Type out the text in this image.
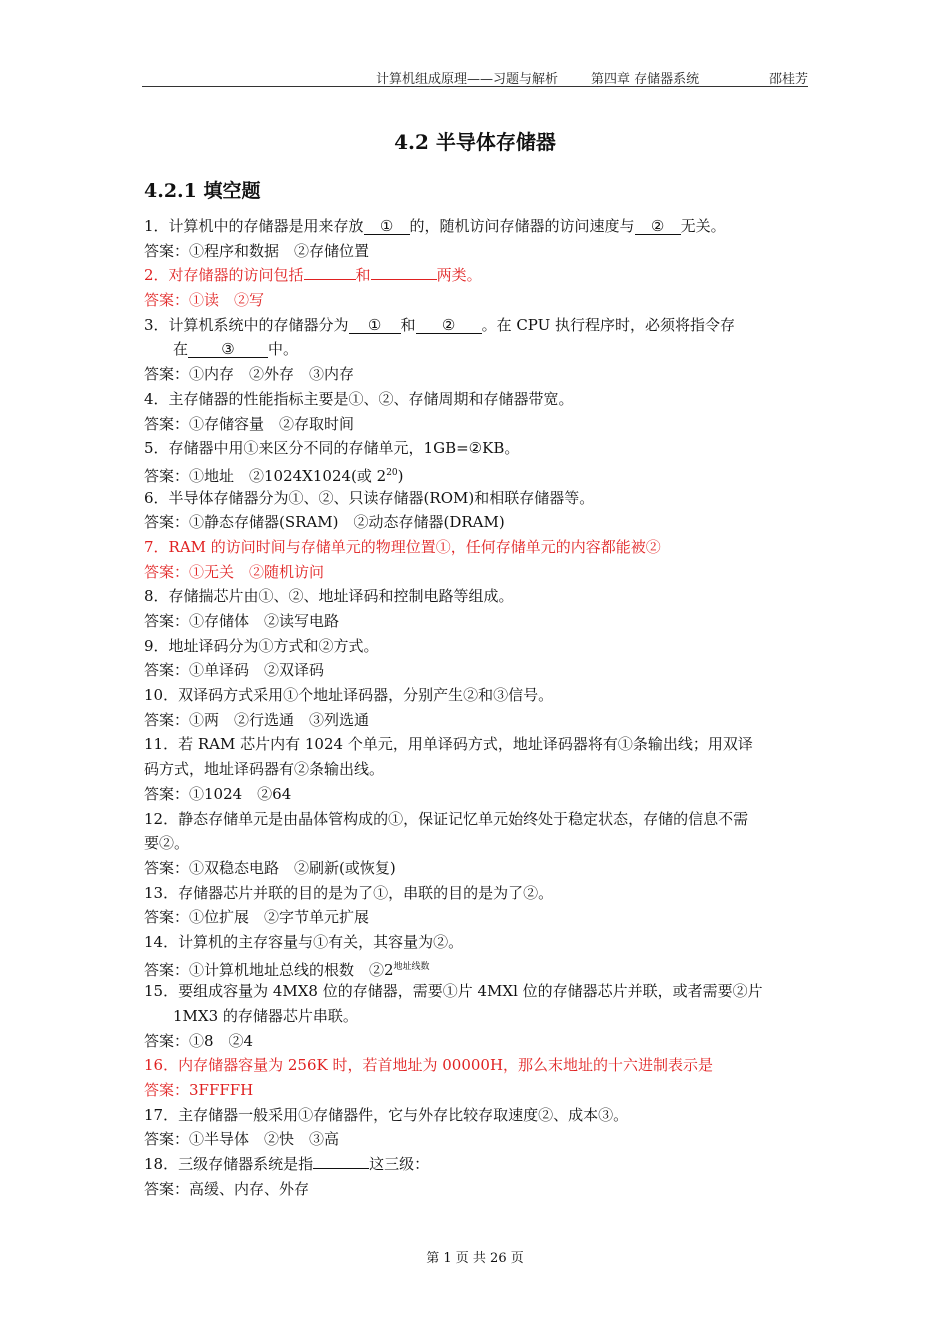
计算机组成原理——习题与解析	第四章 存储器系统	邵桂芳
4.2 半导体存储器
4.2.1 填空题
1．计算机中的存储器是用来存放 ① 的，随机访问存储器的访问速度与 ② 无关。
答案：①程序和数据　②存储位置
2．对存储器的访问包括	和	两类。
答案：①读　②写
3．计算机系统中的存储器分为 ① 和 ② 。在 CPU 执行程序时，必须将指令存
在 ③ 中。
答案：①内存　②外存　③内存
4．主存储器的性能指标主要是①、②、存储周期和存储器带宽。
答案：①存储容量　②存取时间
5．存储器中用①来区分不同的存储单元，1GB=②KB。
答案：①地址　②1024X1024(或 $2^{20}$)
6．半导体存储器分为①、②、只读存储器(ROM)和相联存储器等。
答案：①静态存储器(SRAM)　②动态存储器(DRAM)
7．RAM 的访问时间与存储单元的物理位置①，任何存储单元的内容都能被②
答案：①无关　②随机访问
8．存储揣芯片由①、②、地址译码和控制电路等组成。
答案：①存储体　②读写电路
9．地址译码分为①方式和②方式。
答案：①单译码　②双译码
10．双译码方式采用①个地址译码器，分别产生②和③信号。
答案：①两　②行选通　③列选通
11．若 RAM 芯片内有 1024 个单元，用单译码方式，地址译码器将有①条输出线；用双译
码方式，地址译码器有②条输出线。
答案：①1024　②64
12．静态存储单元是由晶体管构成的①，保证记忆单元始终处于稳定状态，存储的信息不需
要②。
答案：①双稳态电路　②刷新(或恢复)
13．存储器芯片并联的目的是为了①，串联的目的是为了②。
答案：①位扩展　②字节单元扩展
14．计算机的主存容量与①有关，其容量为②。
答案：①计算机地址总线的根数　$②2^{地址线数}$
15．要组成容量为 4MX8 位的存储器，需要①片 4MXl 位的存储器芯片并联，或者需要②片
1MX3 的存储器芯片串联。
答案：①8　②4
16．内存储器容量为 256K 时，若首地址为 00000H，那么末地址的十六进制表示是
答案：3FFFFH
17．主存储器一般采用①存储器件，它与外存比较存取速度②、成本③。
答案：①半导体　②快　③高
18．三级存储器系统是指	这三级：
答案：高缓、内存、外存
第 1 页 共 26 页
